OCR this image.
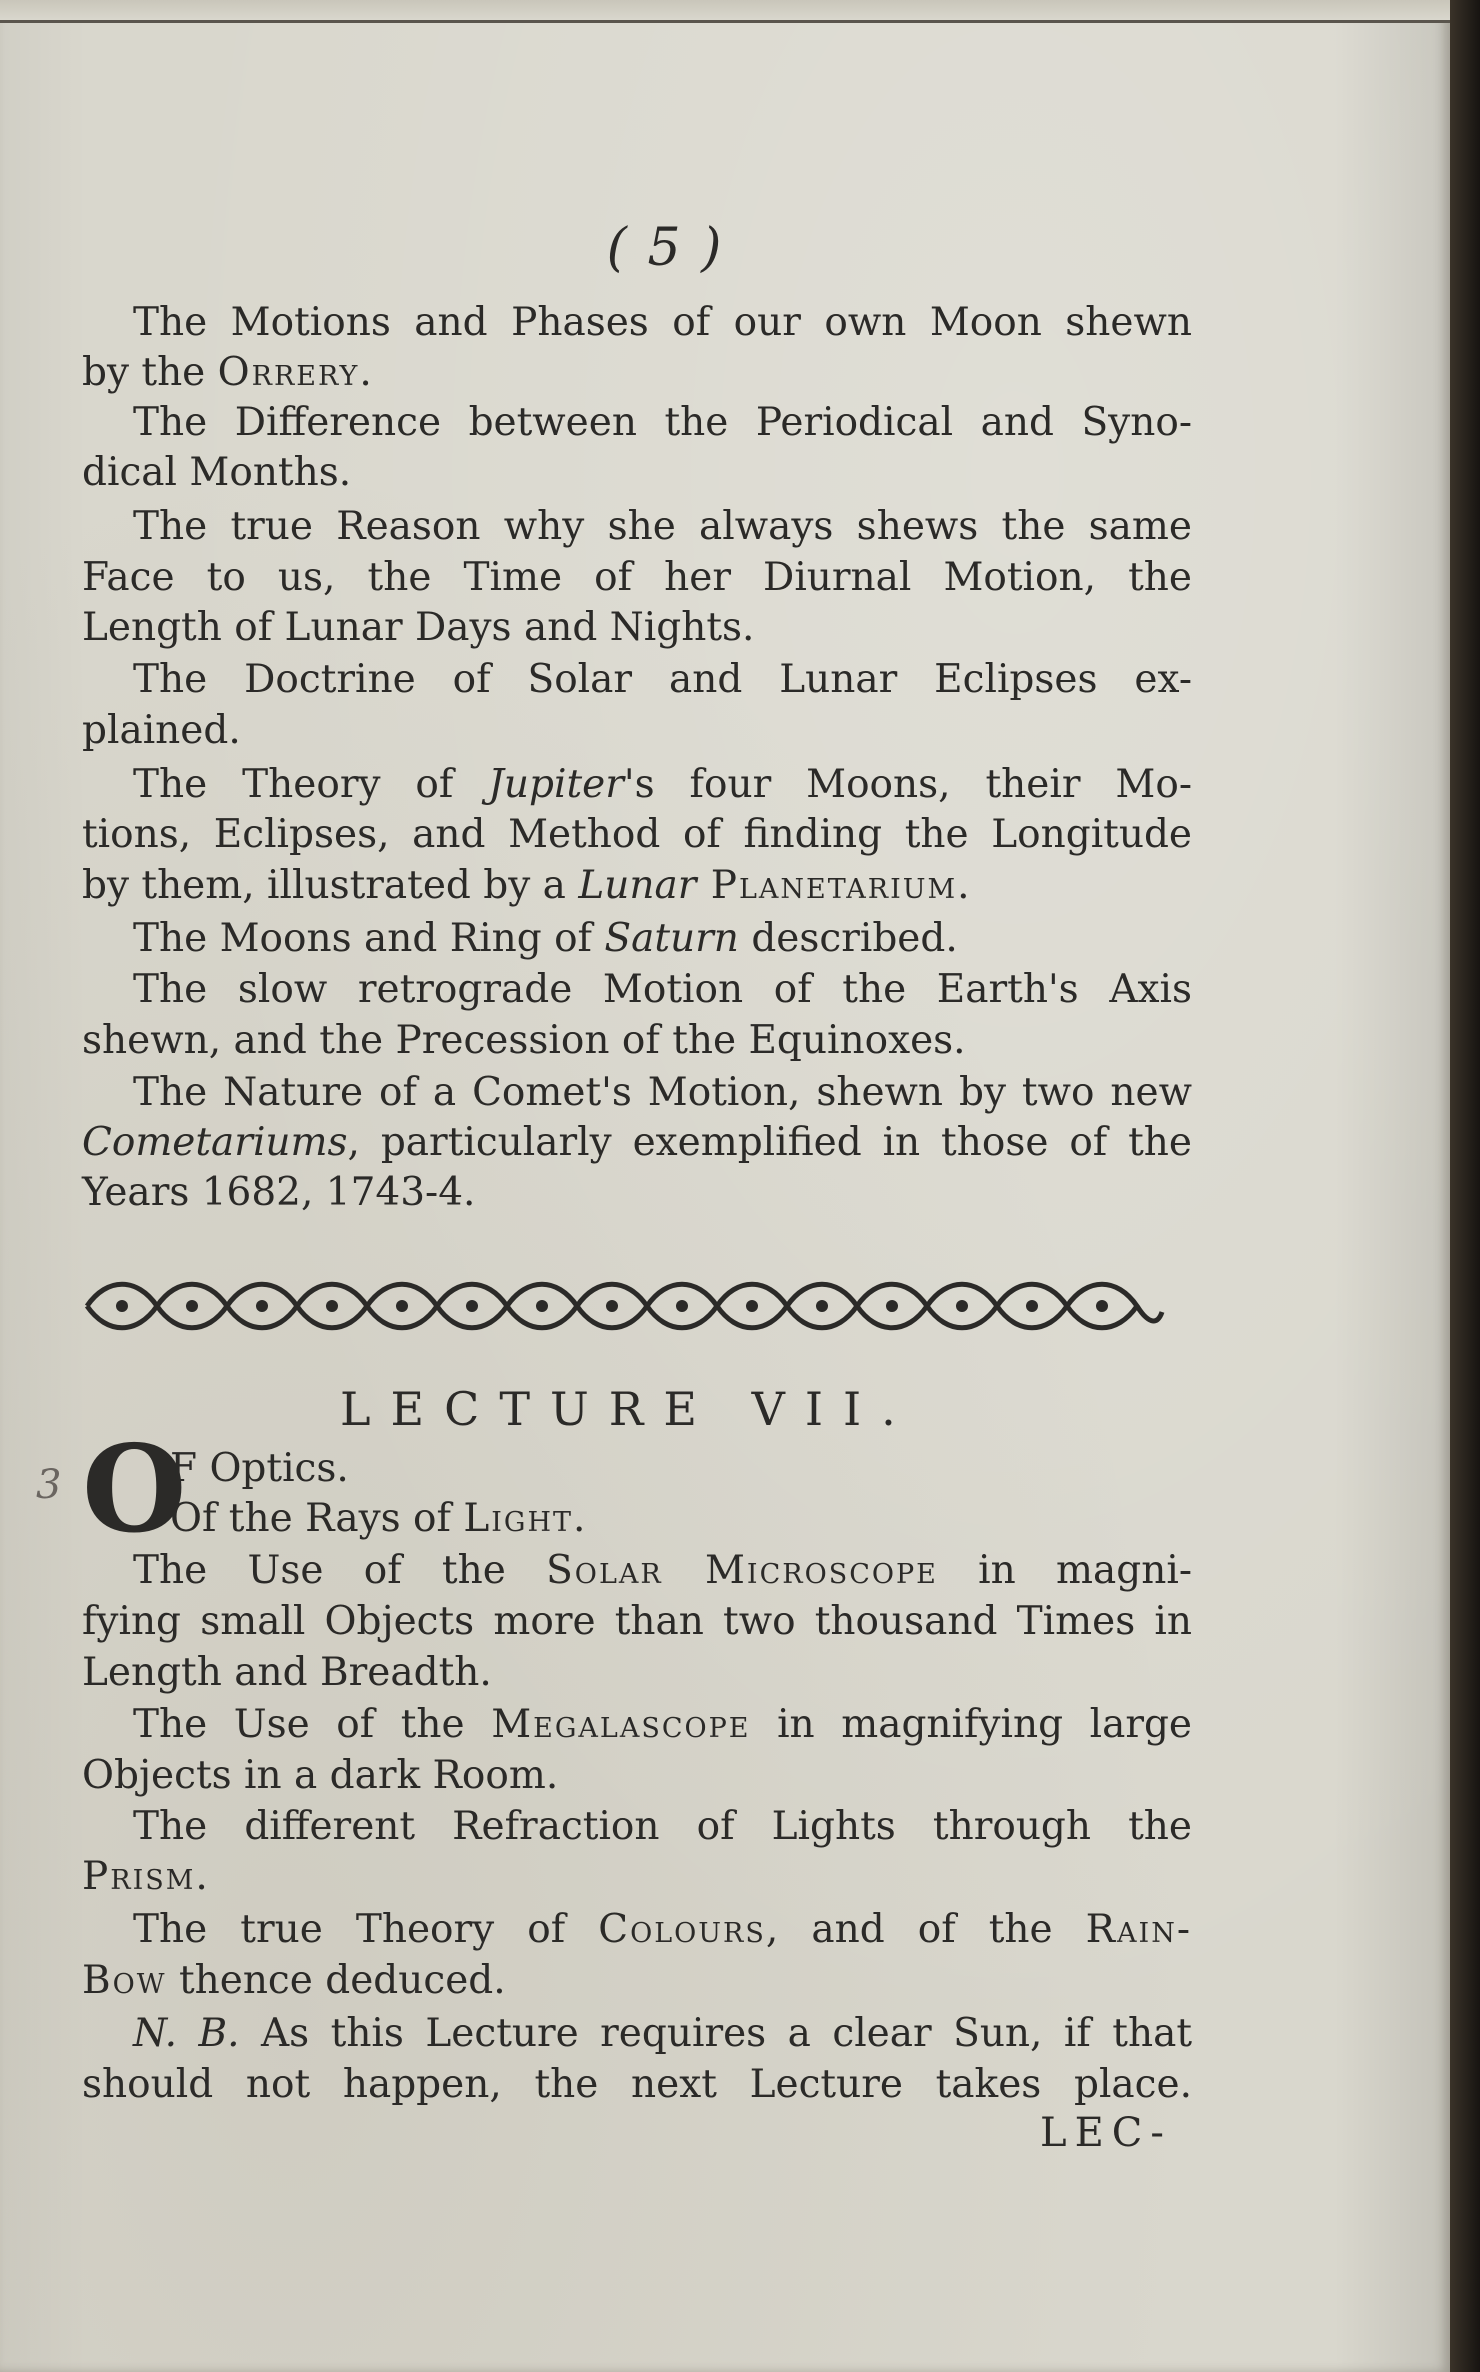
( 5 )
The Motions and Phases of our own Moon shewn
by the Orrery.
The Difference between the Periodical and Syno-
dical Months.
The true Reason why she always shews the same
Face to us, the Time of her Diurnal Motion, the
Length of Lunar Days and Nights.
The Doctrine of Solar and Lunar Eclipses ex-
plained.
The Theory of Jupiter's four Moons, their Mo-
tions, Eclipses, and Method of finding the Longitude
by them, illustrated by a Lunar Planetarium.
The Moons and Ring of Saturn described.
The slow retrograde Motion of the Earth's Axis
shewn, and the Precession of the Equinoxes.
The Nature of a Comet's Motion, shewn by two new
Cometariums, particularly exemplified in those of the
Years 1682, 1743-4.
LECTURE VII.
3 O
F Optics.
Of the Rays of Light.
The Use of the Solar Microscope in magni-
fying small Objects more than two thousand Times in
Length and Breadth.
The Use of the Megalascope in magnifying large
Objects in a dark Room.
The different Refraction of Lights through the
Prism.
The true Theory of Colours, and of the Rain-
Bow thence deduced.
N. B. As this Lecture requires a clear Sun, if that
should not happen, the next Lecture takes place.
LEC-
